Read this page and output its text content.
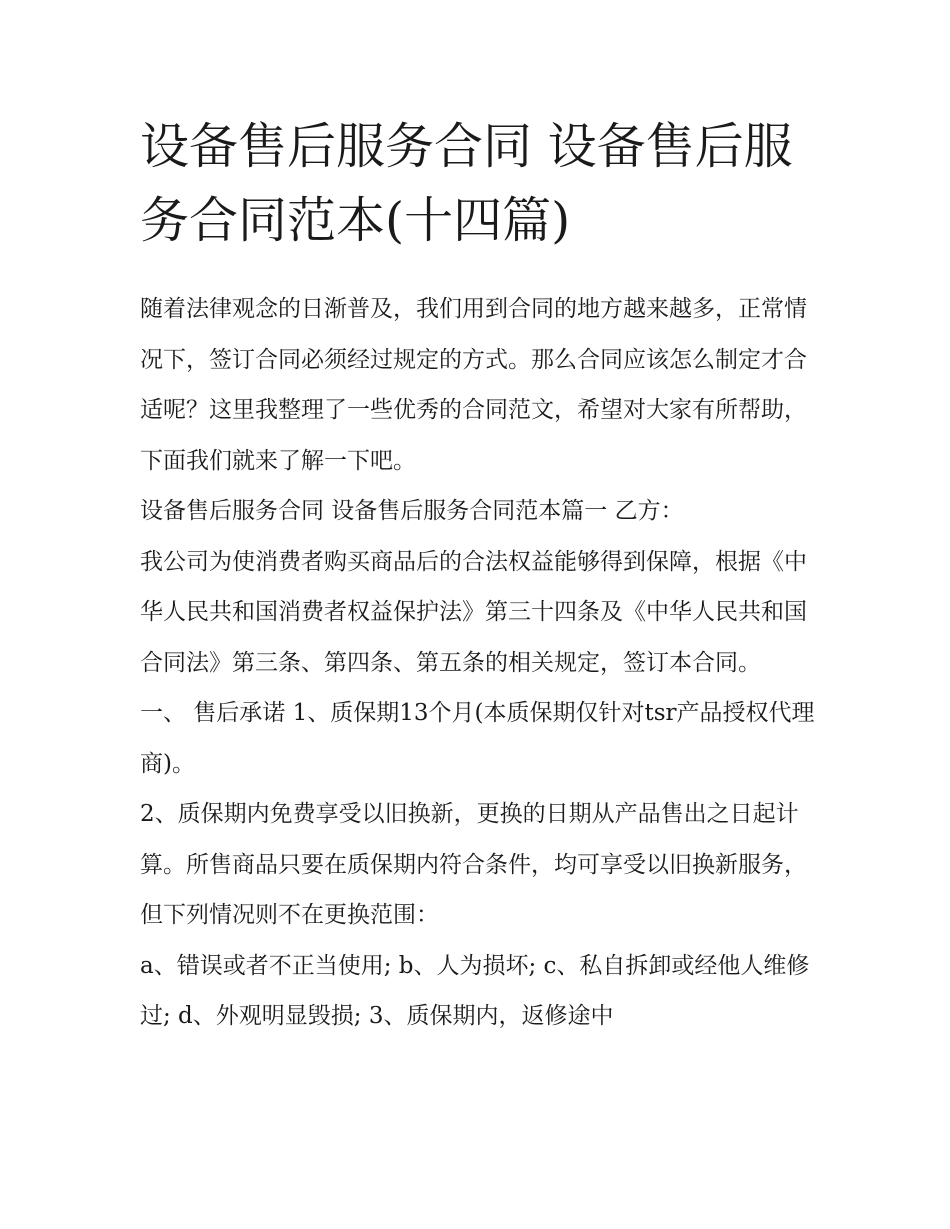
设备售后服务合同 设备售后服务合同范本(十四篇)

随着法律观念的日渐普及，我们用到合同的地方越来越多，正常情况下，签订合同必须经过规定的方式。那么合同应该怎么制定才合适呢？这里我整理了一些优秀的合同范文，希望对大家有所帮助，下面我们就来了解一下吧。

设备售后服务合同 设备售后服务合同范本篇一 乙方：

我公司为使消费者购买商品后的合法权益能够得到保障，根据《中华人民共和国消费者权益保护法》第三十四条及《中华人民共和国合同法》第三条、第四条、第五条的相关规定，签订本合同。

一、 售后承诺 1、质保期13个月(本质保期仅针对tsr产品授权代理商)。

2、质保期内免费享受以旧换新，更换的日期从产品售出之日起计算。所售商品只要在质保期内符合条件，均可享受以旧换新服务，但下列情况则不在更换范围：

a、错误或者不正当使用; b、人为损坏; c、私自拆卸或经他人维修过; d、外观明显毁损; 3、质保期内，返修途中
